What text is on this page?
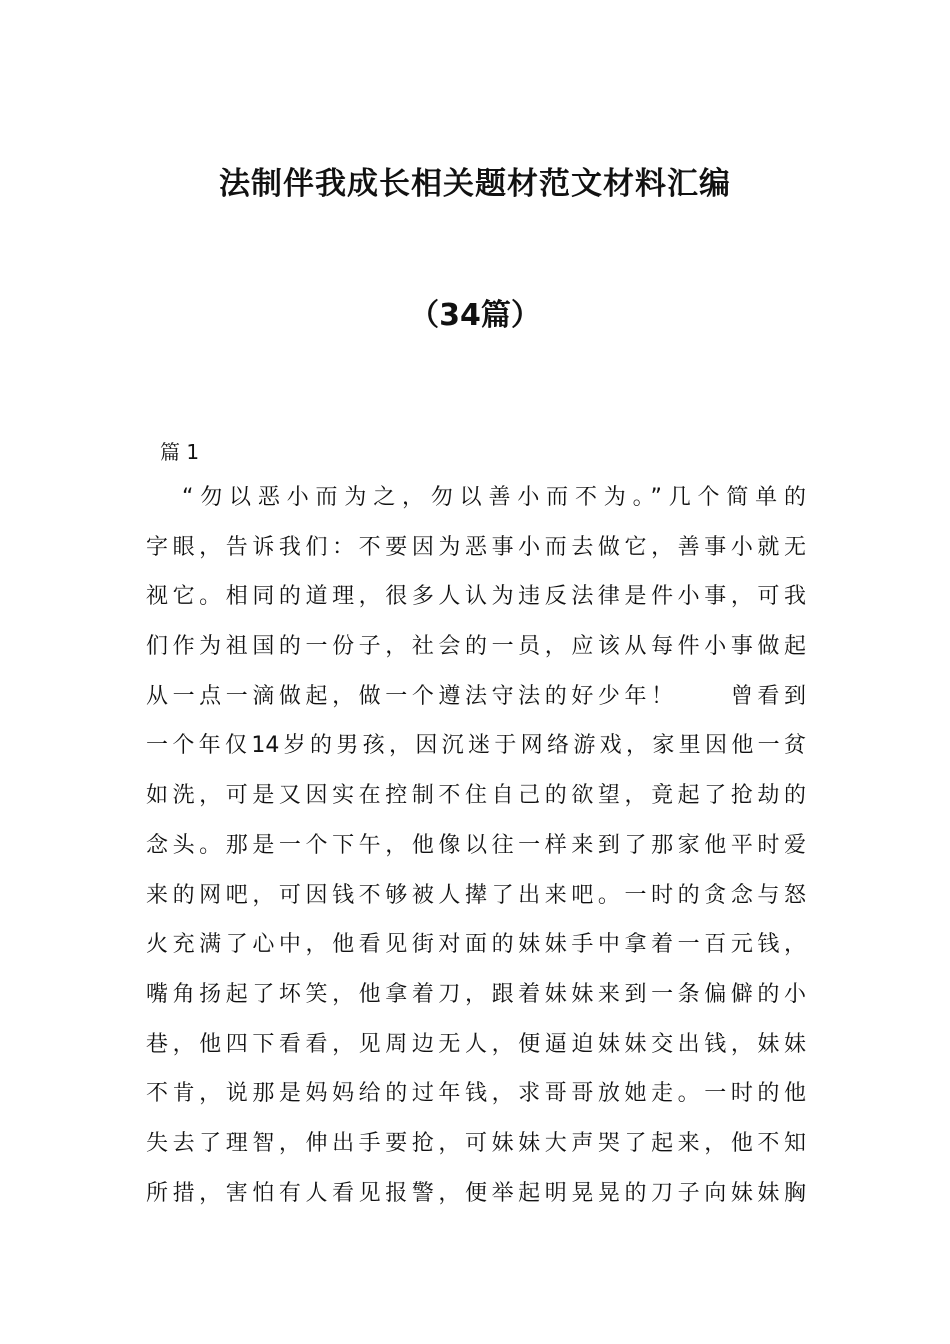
法制伴我成长相关题材范文材料汇编
（34篇）
篇 1
“勿以恶小而为之，勿以善小而不为。”几个简单的
字眼，告诉我们：不要因为恶事小而去做它，善事小就无
视它。相同的道理，很多人认为违反法律是件小事，可我
们作为祖国的一份子，社会的一员，应该从每件小事做起
从一点一滴做起，做一个遵法守法的好少年！　　曾看到
一个年仅14岁的男孩，因沉迷于网络游戏，家里因他一贫
如洗，可是又因实在控制不住自己的欲望，竟起了抢劫的
念头。那是一个下午，他像以往一样来到了那家他平时爱
来的网吧，可因钱不够被人撵了出来吧。一时的贪念与怒
火充满了心中，他看见街对面的妹妹手中拿着一百元钱，
嘴角扬起了坏笑，他拿着刀，跟着妹妹来到一条偏僻的小
巷，他四下看看，见周边无人，便逼迫妹妹交出钱，妹妹
不肯，说那是妈妈给的过年钱，求哥哥放她走。一时的他
失去了理智，伸出手要抢，可妹妹大声哭了起来，他不知
所措，害怕有人看见报警，便举起明晃晃的刀子向妹妹胸
